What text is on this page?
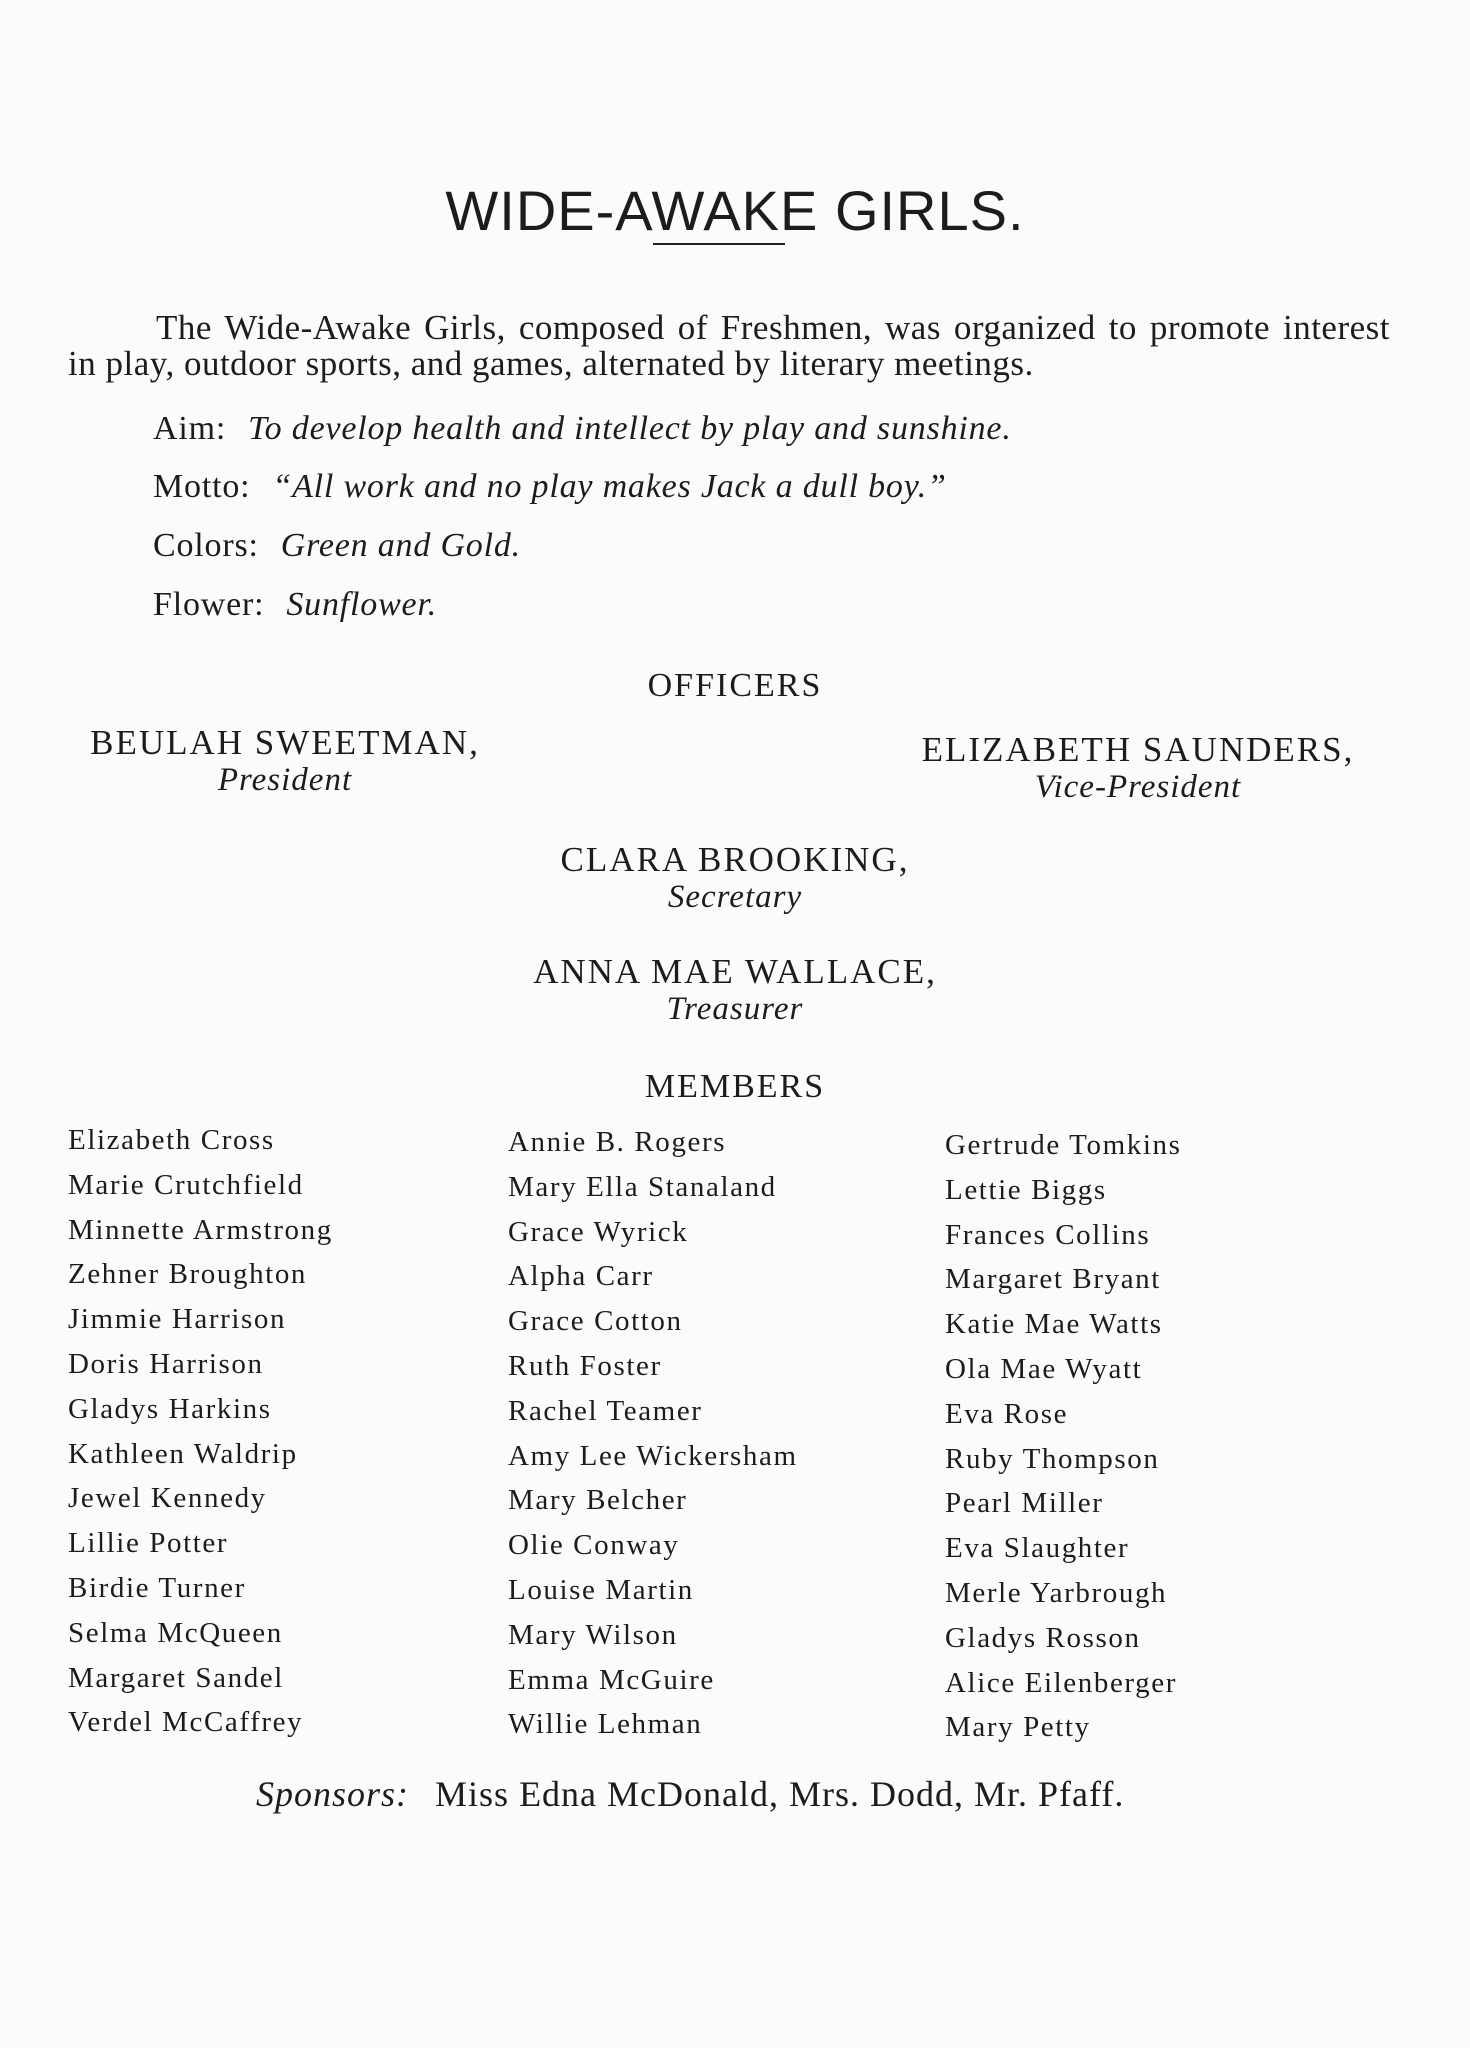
WIDE-AWAKE GIRLS.

The Wide-Awake Girls, composed of Freshmen, was organized to promote interest in play, outdoor sports, and games, alternated by literary meetings.

Aim: To develop health and intellect by play and sunshine.
Motto: “All work and no play makes Jack a dull boy.”
Colors: Green and Gold.
Flower: Sunflower.
OFFICERS
BEULAH SWEETMAN,
President
ELIZABETH SAUNDERS,
Vice-President
CLARA BROOKING,
Secretary
ANNA MAE WALLACE,
Treasurer
MEMBERS
Elizabeth Cross
Marie Crutchfield
Minnette Armstrong
Zehner Broughton
Jimmie Harrison
Doris Harrison
Gladys Harkins
Kathleen Waldrip
Jewel Kennedy
Lillie Potter
Birdie Turner
Selma McQueen
Margaret Sandel
Verdel McCaffrey
Annie B. Rogers
Mary Ella Stanaland
Grace Wyrick
Alpha Carr
Grace Cotton
Ruth Foster
Rachel Teamer
Amy Lee Wickersham
Mary Belcher
Olie Conway
Louise Martin
Mary Wilson
Emma McGuire
Willie Lehman
Gertrude Tomkins
Lettie Biggs
Frances Collins
Margaret Bryant
Katie Mae Watts
Ola Mae Wyatt
Eva Rose
Ruby Thompson
Pearl Miller
Eva Slaughter
Merle Yarbrough
Gladys Rosson
Alice Eilenberger
Mary Petty
Sponsors: Miss Edna McDonald, Mrs. Dodd, Mr. Pfaff.
